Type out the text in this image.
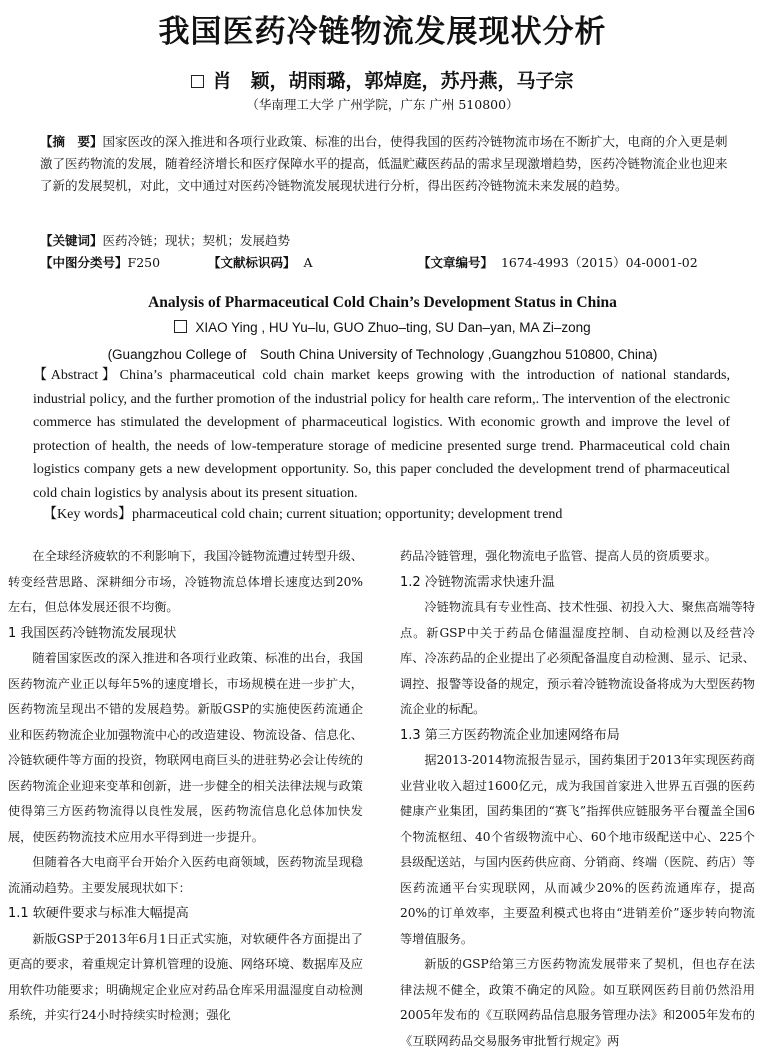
我国医药冷链物流发展现状分析
肖　颖，胡雨璐，郭焯庭，苏丹燕，马子宗
（华南理工大学 广州学院，广东 广州 510800）
【摘　要】国家医改的深入推进和各项行业政策、标准的出台，使得我国的医药冷链物流市场在不断扩大，电商的介入更是刺激了医药物流的发展，随着经济增长和医疗保障水平的提高，低温贮藏医药品的需求呈现激增趋势，医药冷链物流企业也迎来了新的发展契机，对此，文中通过对医药冷链物流发展现状进行分析，得出医药冷链物流未来发展的趋势。
【关键词】医药冷链；现状；契机；发展趋势
【中图分类号】F250	【文献标识码】 A	【文章编号】 1674-4993（2015）04-0001-02
Analysis of Pharmaceutical Cold Chain’s Development Status in China
XIAO Ying , HU Yu–lu, GUO Zhuo–ting, SU Dan–yan, MA Zi–zong
(Guangzhou College of　South China University of Technology ,Guangzhou 510800, China)
【Abstract】China’s pharmaceutical cold chain market keeps growing with the introduction of national standards, industrial policy, and the further promotion of the industrial policy for health care reform,. The intervention of the electronic commerce has stimulated the development of pharmaceutical logistics. With economic growth and improve the level of protection of health, the needs of low-temperature storage of medicine presented surge trend. Pharmaceutical cold chain logistics company gets a new development opportunity. So, this paper concluded the development trend of pharmaceutical cold chain logistics by analysis about its present situation.
【Key words】pharmaceutical cold chain; current situation; opportunity; development trend

在全球经济疲软的不利影响下，我国冷链物流遭过转型升级、转变经营思路、深耕细分市场，冷链物流总体增长速度达到20%左右，但总体发展还很不均衡。

1 我国医药冷链物流发展现状

随着国家医改的深入推进和各项行业政策、标准的出台，我国医药物流产业正以每年5%的速度增长，市场规模在进一步扩大，医药物流呈现出不错的发展趋势。新版GSP的实施使医药流通企业和医药物流企业加强物流中心的改造建设、物流设备、信息化、冷链软硬件等方面的投资，物联网电商巨头的进驻势必会让传统的医药物流企业迎来变革和创新，进一步健全的相关法律法规与政策使得第三方医药物流得以良性发展，医药物流信息化总体加快发展，使医药物流技术应用水平得到进一步提升。

但随着各大电商平台开始介入医药电商领域，医药物流呈现稳流涌动趋势。主要发展现状如下：

1.1 软硬件要求与标准大幅提高

新版GSP于2013年6月1日正式实施，对软硬件各方面提出了更高的要求，着重规定计算机管理的设施、网络环境、数据库及应用软件功能要求；明确规定企业应对药品仓库采用温湿度自动检测系统，并实行24小时持续实时检测；强化

药品冷链管理，强化物流电子监管、提高人员的资质要求。

1.2 冷链物流需求快速升温

冷链物流具有专业性高、技术性强、初投入大、聚焦高端等特点。新GSP中关于药品仓储温湿度控制、自动检测以及经营冷库、冷冻药品的企业提出了必须配备温度自动检测、显示、记录、调控、报警等设备的规定，预示着冷链物流设备将成为大型医药物流企业的标配。

1.3 第三方医药物流企业加速网络布局

据2013-2014物流报告显示，国药集团于2013年实现医药商业营业收入超过1600亿元，成为我国首家进入世界五百强的医药健康产业集团，国药集团的“赛飞”指挥供应链服务平台覆盖全国6个物流枢纽、40个省级物流中心、60个地市级配送中心、225个县级配送站，与国内医药供应商、分销商、终端（医院、药店）等医药流通平台实现联网，从而减少20%的医药流通库存，提高20%的订单效率，主要盈利模式也将由“进销差价”逐步转向物流等增值服务。

新版的GSP给第三方医药物流发展带来了契机，但也存在法律法规不健全，政策不确定的风险。如互联网医药目前仍然沿用2005年发布的《互联网药品信息服务管理办法》和2005年发布的《互联网药品交易服务审批暂行规定》两
